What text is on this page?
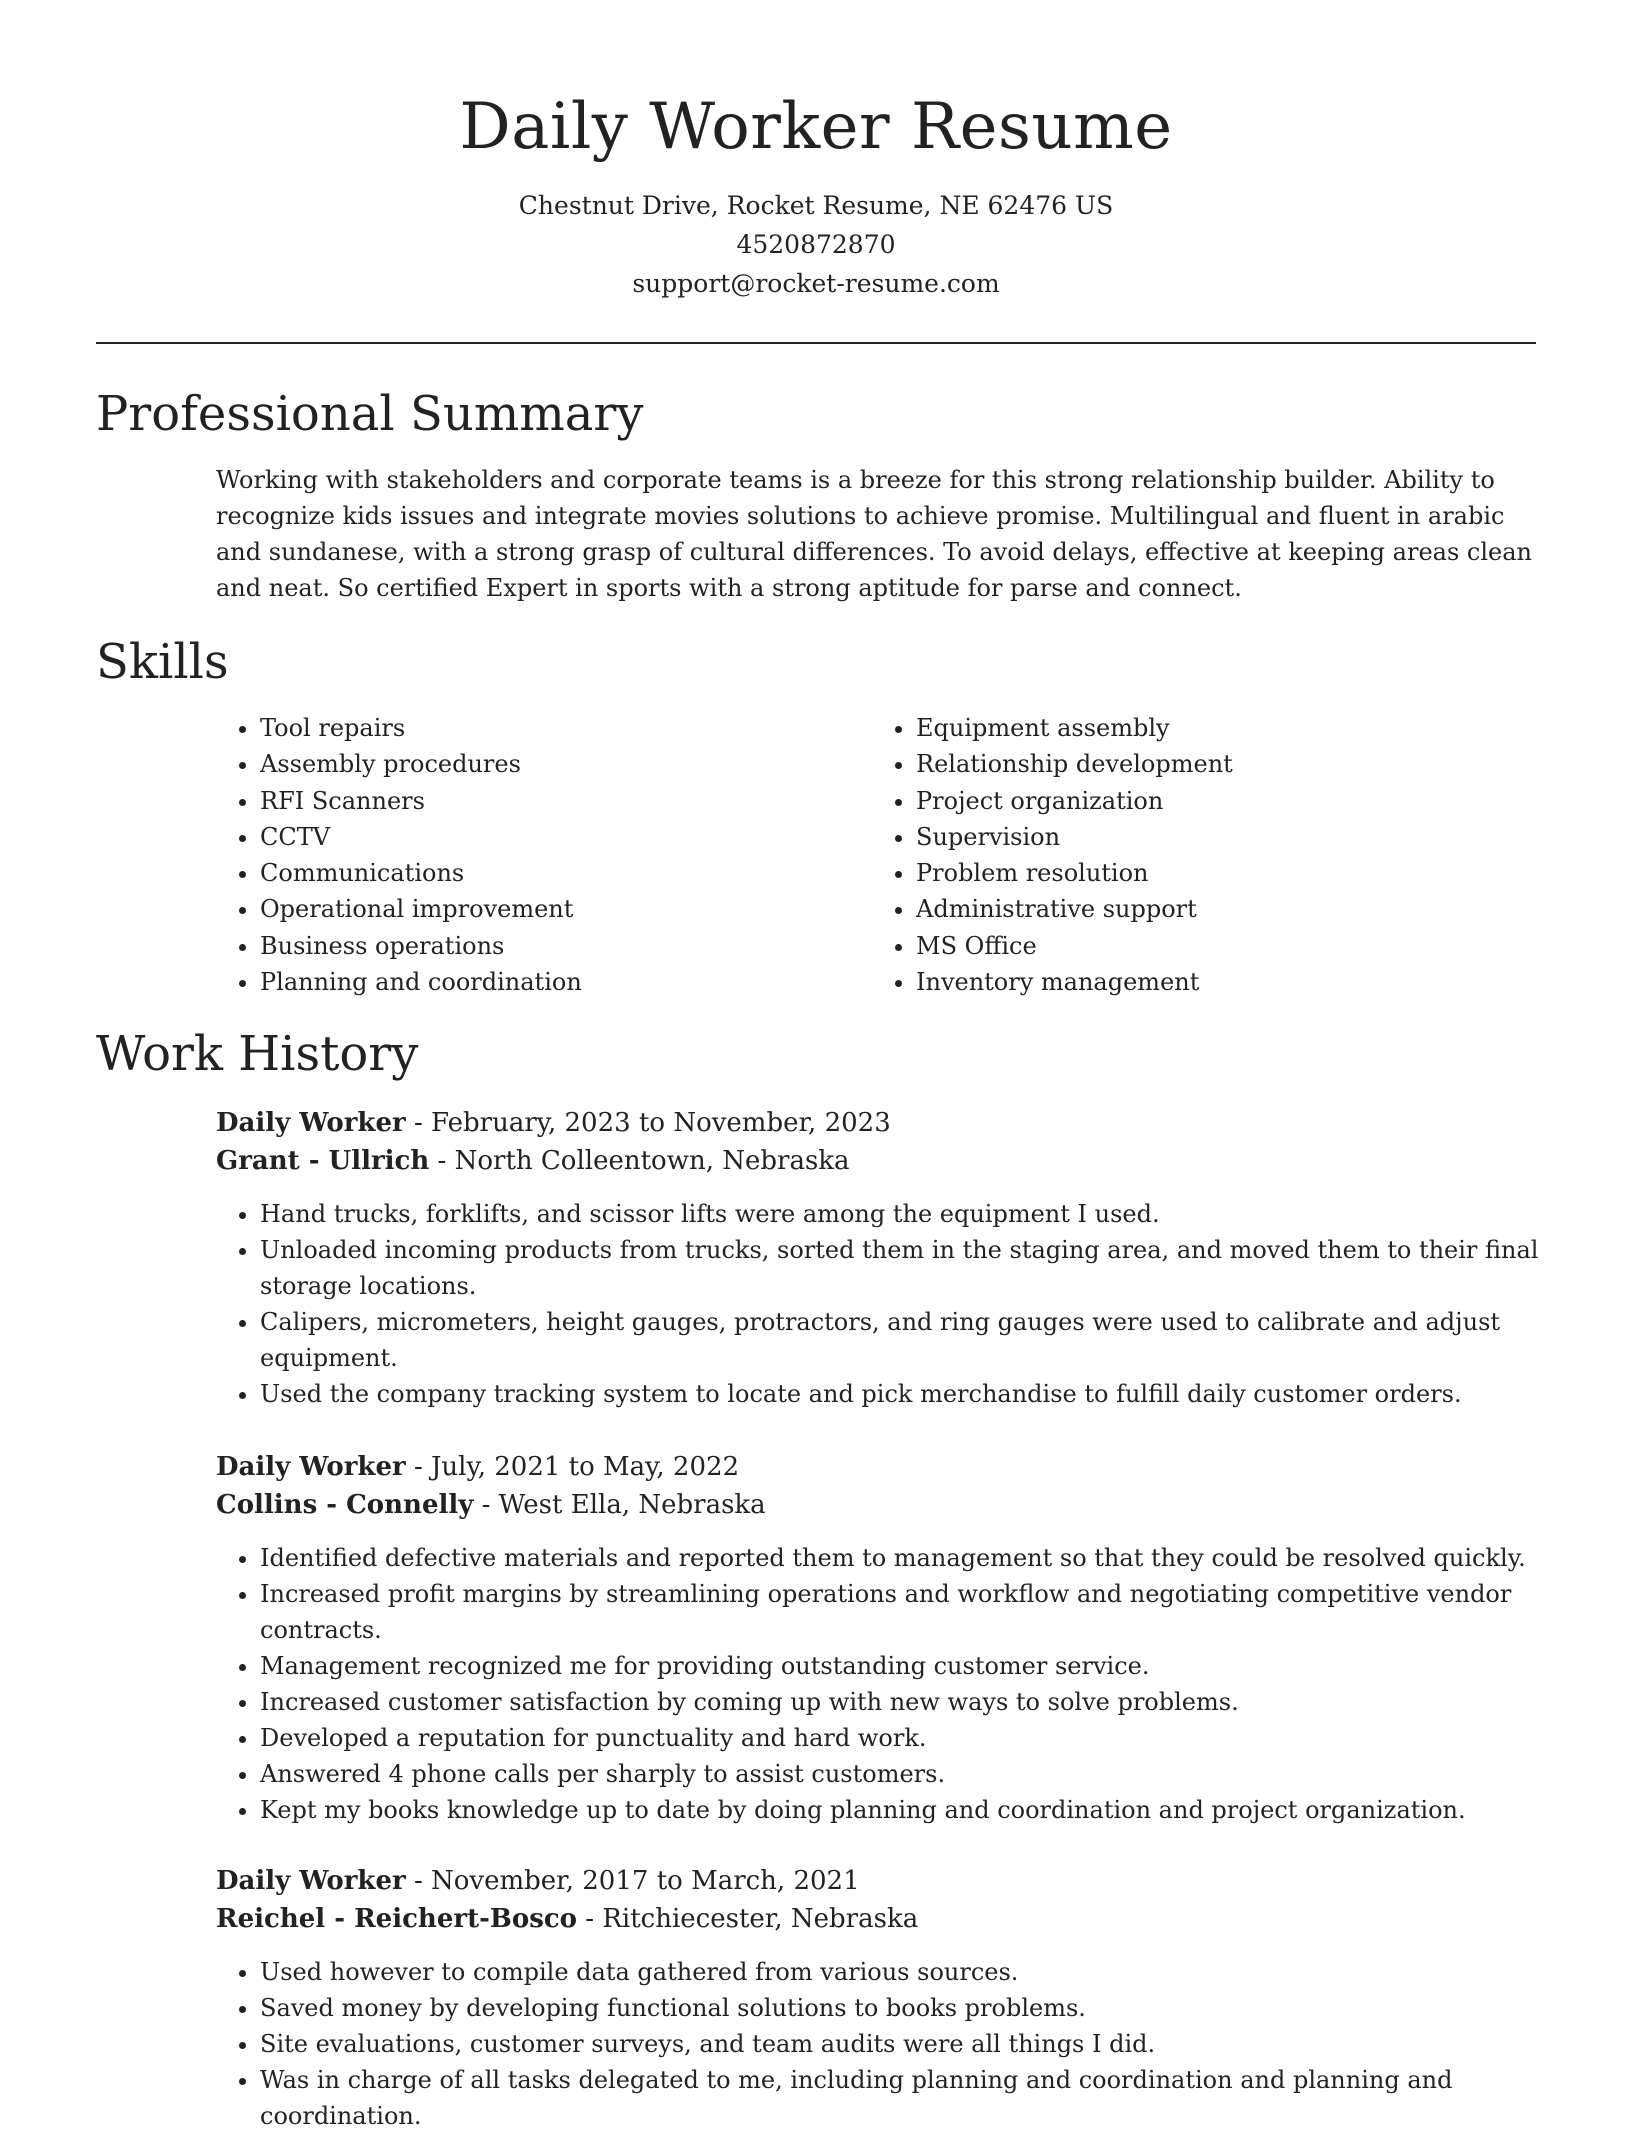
Daily Worker Resume
Chestnut Drive, Rocket Resume, NE 62476 US
4520872870
support@rocket-resume.com
Professional Summary

Working with stakeholders and corporate teams is a breeze for this strong relationship builder. Ability to recognize kids issues and integrate movies solutions to achieve promise. Multilingual and fluent in arabic and sundanese, with a strong grasp of cultural differences. To avoid delays, effective at keeping areas clean and neat. So certified Expert in sports with a strong aptitude for parse and connect.

Skills
• Tool repairs
• Assembly procedures
• RFI Scanners
• CCTV
• Communications
• Operational improvement
• Business operations
• Planning and coordination
• Equipment assembly
• Relationship development
• Project organization
• Supervision
• Problem resolution
• Administrative support
• MS Office
• Inventory management
Work History

Daily Worker - February, 2023 to November, 2023

Grant - Ullrich - North Colleentown, Nebraska

• Hand trucks, forklifts, and scissor lifts were among the equipment I used.
• Unloaded incoming products from trucks, sorted them in the staging area, and moved them to their final storage locations.
• Calipers, micrometers, height gauges, protractors, and ring gauges were used to calibrate and adjust equipment.
• Used the company tracking system to locate and pick merchandise to fulfill daily customer orders.

Daily Worker - July, 2021 to May, 2022

Collins - Connelly - West Ella, Nebraska

• Identified defective materials and reported them to management so that they could be resolved quickly.
• Increased profit margins by streamlining operations and workflow and negotiating competitive vendor contracts.
• Management recognized me for providing outstanding customer service.
• Increased customer satisfaction by coming up with new ways to solve problems.
• Developed a reputation for punctuality and hard work.
• Answered 4 phone calls per sharply to assist customers.
• Kept my books knowledge up to date by doing planning and coordination and project organization.

Daily Worker - November, 2017 to March, 2021

Reichel - Reichert-Bosco - Ritchiecester, Nebraska

• Used however to compile data gathered from various sources.
• Saved money by developing functional solutions to books problems.
• Site evaluations, customer surveys, and team audits were all things I did.
• Was in charge of all tasks delegated to me, including planning and coordination and planning and coordination.
